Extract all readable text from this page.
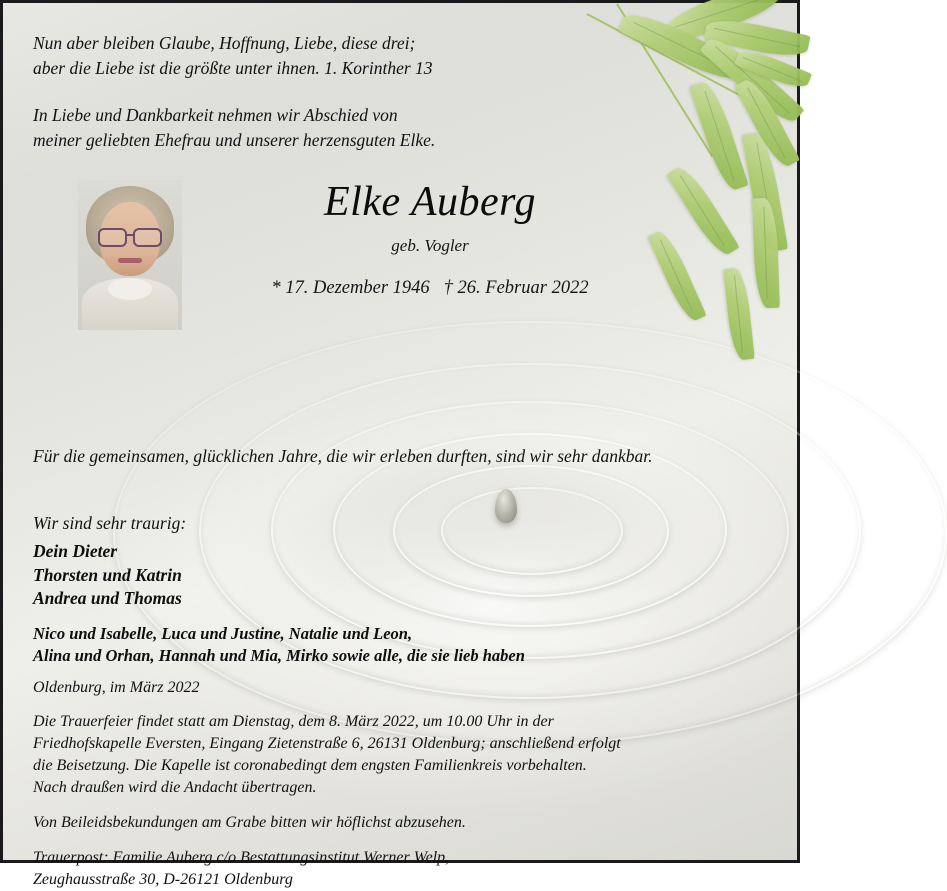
Nun aber bleiben Glaube, Hoffnung, Liebe, diese drei;
aber die Liebe ist die größte unter ihnen. 1. Korinther 13
In Liebe und Dankbarkeit nehmen wir Abschied von
meiner geliebten Ehefrau und unserer herzensguten Elke.
Elke Auberg
geb. Vogler
* 17. Dezember 1946 † 26. Februar 2022
Für die gemeinsamen, glücklichen Jahre, die wir erleben durften, sind wir sehr dankbar.
Wir sind sehr traurig:
Dein Dieter
Thorsten und Katrin
Andrea und Thomas
Nico und Isabelle, Luca und Justine, Natalie und Leon,
Alina und Orhan, Hannah und Mia, Mirko sowie alle, die sie lieb haben
Oldenburg, im März 2022
Die Trauerfeier findet statt am Dienstag, dem 8. März 2022, um 10.00 Uhr in der
Friedhofskapelle Eversten, Eingang Zietenstraße 6, 26131 Oldenburg; anschließend erfolgt
die Beisetzung. Die Kapelle ist coronabedingt dem engsten Familienkreis vorbehalten.
Nach draußen wird die Andacht übertragen.
Von Beileidsbekundungen am Grabe bitten wir höflichst abzusehen.
Trauerpost: Familie Auberg c/o Bestattungsinstitut Werner Welp,
Zeughausstraße 30, D-26121 Oldenburg
